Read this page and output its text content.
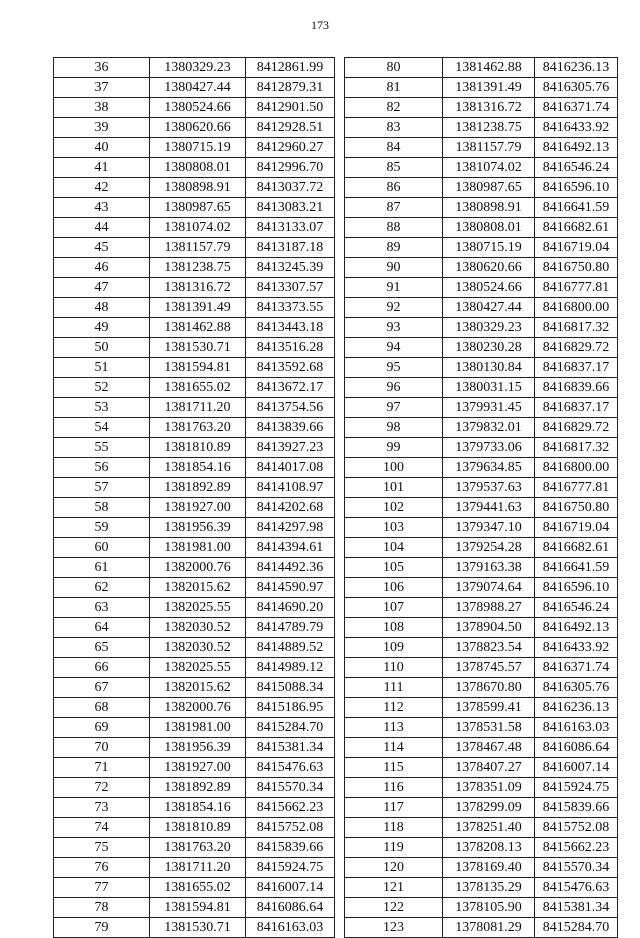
173
36	1380329.23	8412861.99
37	1380427.44	8412879.31
38	1380524.66	8412901.50
39	1380620.66	8412928.51
40	1380715.19	8412960.27
41	1380808.01	8412996.70
42	1380898.91	8413037.72
43	1380987.65	8413083.21
44	1381074.02	8413133.07
45	1381157.79	8413187.18
46	1381238.75	8413245.39
47	1381316.72	8413307.57
48	1381391.49	8413373.55
49	1381462.88	8413443.18
50	1381530.71	8413516.28
51	1381594.81	8413592.68
52	1381655.02	8413672.17
53	1381711.20	8413754.56
54	1381763.20	8413839.66
55	1381810.89	8413927.23
56	1381854.16	8414017.08
57	1381892.89	8414108.97
58	1381927.00	8414202.68
59	1381956.39	8414297.98
60	1381981.00	8414394.61
61	1382000.76	8414492.36
62	1382015.62	8414590.97
63	1382025.55	8414690.20
64	1382030.52	8414789.79
65	1382030.52	8414889.52
66	1382025.55	8414989.12
67	1382015.62	8415088.34
68	1382000.76	8415186.95
69	1381981.00	8415284.70
70	1381956.39	8415381.34
71	1381927.00	8415476.63
72	1381892.89	8415570.34
73	1381854.16	8415662.23
74	1381810.89	8415752.08
75	1381763.20	8415839.66
76	1381711.20	8415924.75
77	1381655.02	8416007.14
78	1381594.81	8416086.64
79	1381530.71	8416163.03
80	1381462.88	8416236.13
81	1381391.49	8416305.76
82	1381316.72	8416371.74
83	1381238.75	8416433.92
84	1381157.79	8416492.13
85	1381074.02	8416546.24
86	1380987.65	8416596.10
87	1380898.91	8416641.59
88	1380808.01	8416682.61
89	1380715.19	8416719.04
90	1380620.66	8416750.80
91	1380524.66	8416777.81
92	1380427.44	8416800.00
93	1380329.23	8416817.32
94	1380230.28	8416829.72
95	1380130.84	8416837.17
96	1380031.15	8416839.66
97	1379931.45	8416837.17
98	1379832.01	8416829.72
99	1379733.06	8416817.32
100	1379634.85	8416800.00
101	1379537.63	8416777.81
102	1379441.63	8416750.80
103	1379347.10	8416719.04
104	1379254.28	8416682.61
105	1379163.38	8416641.59
106	1379074.64	8416596.10
107	1378988.27	8416546.24
108	1378904.50	8416492.13
109	1378823.54	8416433.92
110	1378745.57	8416371.74
111	1378670.80	8416305.76
112	1378599.41	8416236.13
113	1378531.58	8416163.03
114	1378467.48	8416086.64
115	1378407.27	8416007.14
116	1378351.09	8415924.75
117	1378299.09	8415839.66
118	1378251.40	8415752.08
119	1378208.13	8415662.23
120	1378169.40	8415570.34
121	1378135.29	8415476.63
122	1378105.90	8415381.34
123	1378081.29	8415284.70
